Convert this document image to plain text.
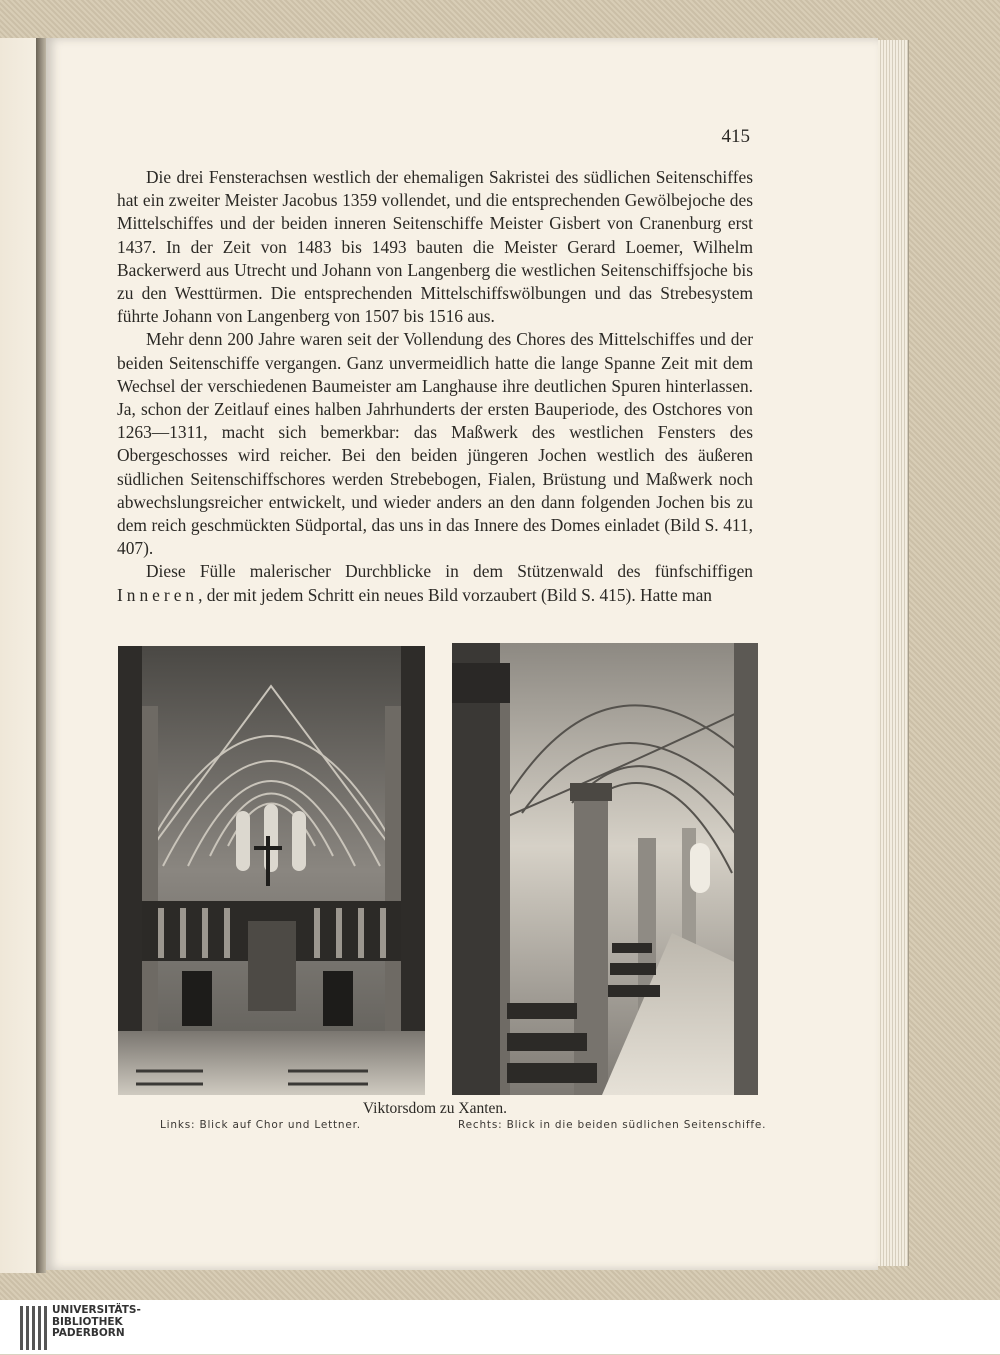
415

Die drei Fensterachsen westlich der ehemaligen Sakristei des südlichen Seitenschiffes hat ein zweiter Meister Jacobus 1359 vollendet, und die entsprechenden Gewölbejoche des Mittelschiffes und der beiden inneren Seitenschiffe Meister Gisbert von Cranenburg erst 1437. In der Zeit von 1483 bis 1493 bauten die Meister Gerard Loemer, Wilhelm Backerwerd aus Utrecht und Johann von Langenberg die westlichen Seitenschiffsjoche bis zu den Westtürmen. Die entsprechenden Mittelschiffswölbungen und das Strebesystem führte Johann von Langenberg von 1507 bis 1516 aus.

Mehr denn 200 Jahre waren seit der Vollendung des Chores des Mittelschiffes und der beiden Seitenschiffe vergangen. Ganz unvermeidlich hatte die lange Spanne Zeit mit dem Wechsel der verschiedenen Baumeister am Langhause ihre deutlichen Spuren hinterlassen. Ja, schon der Zeitlauf eines halben Jahrhunderts der ersten Bauperiode, des Ostchores von 1263—1311, macht sich bemerkbar: das Maßwerk des westlichen Fensters des Obergeschosses wird reicher. Bei den beiden jüngeren Jochen westlich des äußeren südlichen Seitenschiffschores werden Strebebogen, Fialen, Brüstung und Maßwerk noch abwechslungsreicher entwickelt, und wieder anders an den dann folgenden Jochen bis zu dem reich geschmückten Südportal, das uns in das Innere des Domes einladet (Bild S. 411, 407).

Diese Fülle malerischer Durchblicke in dem Stützenwald des fünfschiffigen Inneren, der mit jedem Schritt ein neues Bild vorzaubert (Bild S. 415). Hatte man

Viktorsdom zu Xanten.
Links: Blick auf Chor und Lettner.	Rechts: Blick in die beiden südlichen Seitenschiffe.
UNIVERSITÄTS-
BIBLIOTHEK
PADERBORN
